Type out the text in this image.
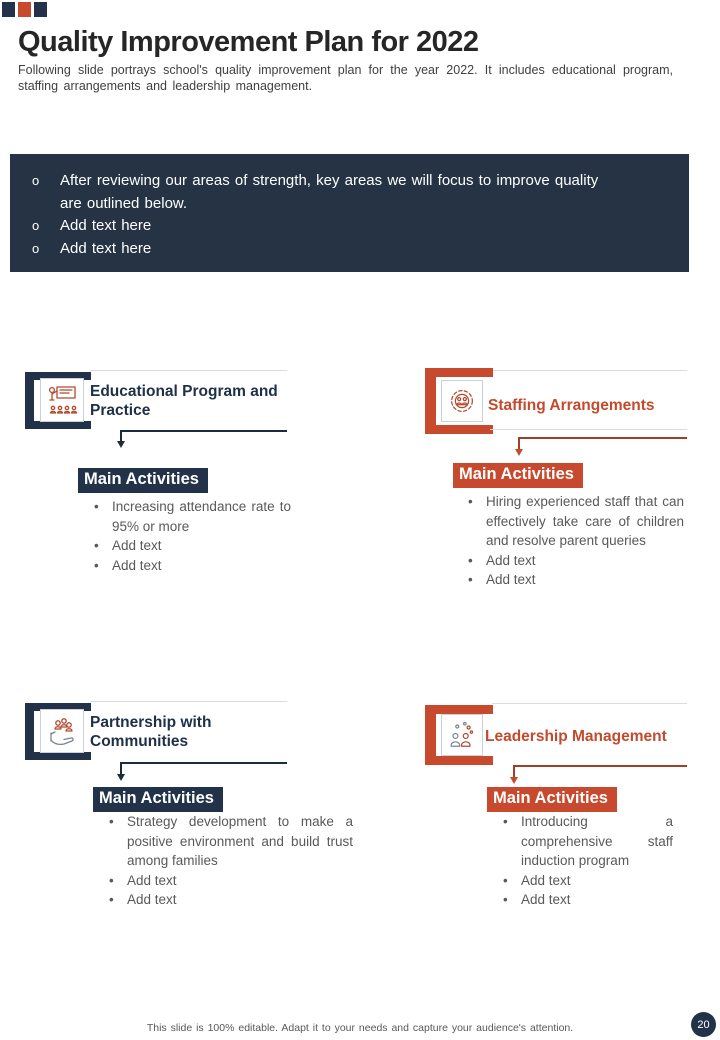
Quality Improvement Plan for 2022

Following slide portrays school's quality improvement plan for the year 2022. It includes educational program, staffing arrangements and leadership management.

o After reviewing our areas of strength, key areas we will focus to improve quality are outlined below.
o Add text here
o Add text here
Educational Program and Practice
Main Activities
• Increasing attendance rate to 95% or more
• Add text
• Add text
Staffing Arrangements
Main Activities
• Hiring experienced staff that can effectively take care of children and resolve parent queries
• Add text
• Add text
Partnership with Communities
Main Activities
• Strategy development to make a positive environment and build trust among families
• Add text
• Add text
Leadership Management
Main Activities
• Introducing a comprehensive staff induction program
• Add text
• Add text

This slide is 100% editable. Adapt it to your needs and capture your audience's attention.	20
